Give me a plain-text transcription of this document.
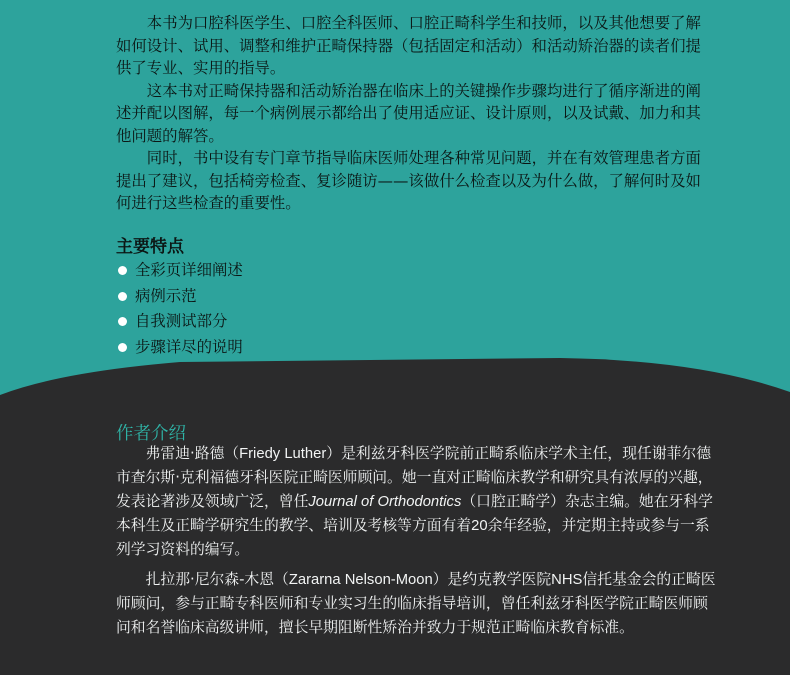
本书为口腔科医学生、口腔全科医师、口腔正畸科学生和技师，以及其他想要了解如何设计、试用、调整和维护正畸保持器（包括固定和活动）和活动矫治器的读者们提供了专业、实用的指导。

这本书对正畸保持器和活动矫治器在临床上的关键操作步骤均进行了循序渐进的阐述并配以图解，每一个病例展示都给出了使用适应证、设计原则，以及试戴、加力和其他问题的解答。

同时，书中设有专门章节指导临床医师处理各种常见问题，并在有效管理患者方面提出了建议，包括椅旁检查、复诊随访——该做什么检查以及为什么做，了解何时及如何进行这些检查的重要性。

主要特点
全彩页详细阐述
病例示范
自我测试部分
步骤详尽的说明
作者介绍

弗雷迪·路德（Friedy Luther）是利兹牙科医学院前正畸系临床学术主任，现任谢菲尔德市查尔斯·克利福德牙科医院正畸医师顾问。她一直对正畸临床教学和研究具有浓厚的兴趣，发表论著涉及领域广泛，曾任Journal of Orthodontics（口腔正畸学）杂志主编。她在牙科学本科生及正畸学研究生的教学、培训及考核等方面有着20余年经验，并定期主持或参与一系列学习资料的编写。

扎拉那·尼尔森-木恩（Zararna Nelson-Moon）是约克教学医院NHS信托基金会的正畸医师顾问，参与正畸专科医师和专业实习生的临床指导培训，曾任利兹牙科医学院正畸医师顾问和名誉临床高级讲师，擅长早期阻断性矫治并致力于规范正畸临床教育标准。
